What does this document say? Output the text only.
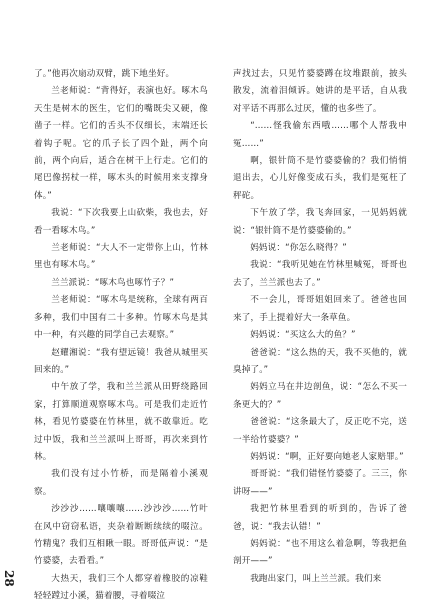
28

了。”他再次扇动双臂，跳下地坐好。

兰老师说：“背得好，表演也好。啄木鸟天生是树木的医生，它们的嘴既尖又硬，像凿子一样。它们的舌头不仅细长，末端还长着钩子呢。它的爪子长了四个趾，两个向前，两个向后，适合在树干上行走。它们的尾巴像拐杖一样，啄木头的时候用来支撑身体。”

我说：“下次我要上山砍柴，我也去，好看一看啄木鸟。”

兰老师说：“大人不一定带你上山，竹林里也有啄木鸟。”

兰兰派说：“啄木鸟也啄竹子？”

兰老师说：“啄木鸟是统称，全球有两百多种，我们中国有二十多种。竹啄木鸟是其中一种，有兴趣的同学自己去观察。”

赵耀湘说：“我有望远镜！我爸从城里买回来的。”

中午放了学，我和兰兰派从田野绕路回家，打算顺道观察啄木鸟。可是我们走近竹林，看见竹婆婆在竹林里，就不敢靠近。吃过中饭，我和兰兰派叫上哥哥，再次来到竹林。

我们没有过小竹桥，而是隔着小溪观察。

沙沙沙……嚷嚷嚷……沙沙沙……竹叶在风中窃窃私语，夹杂着断断续续的啜泣。竹精鬼？我们互相瞅一眼。哥哥低声说：“是竹婆婆，去看看。”

大热天，我们三个人都穿着橡胶的凉鞋轻轻蹚过小溪，猫着腰，寻着啜泣

声找过去，只见竹婆婆蹲在坟堆跟前，披头散发，流着泪倾诉。她讲的是平话，自从我对平话不再那么过厌，懂的也多些了。

“……怪我偷东西哦……哪个人帮我申冤……”

啊，银针筒不是竹婆婆偷的？我们悄悄退出去，心儿好像变成石头，我们是冤枉了秤砣。

下午放了学，我飞奔回家，一见妈妈就说：“银针筒不是竹婆婆偷的。”

妈妈说：“你怎么晓得？”

我说：“我听见她在竹林里喊冤，哥哥也去了，兰兰派也去了。”

不一会儿，哥哥姐姐回来了。爸爸也回来了，手上提着好大一条草鱼。

妈妈说：“买这么大的鱼？”

爸爸说：“这么热的天，我不买他的，就臭掉了。”

妈妈立马在井边剖鱼，说：“怎么不买一条更大的？”

爸爸说：“这条最大了，反正吃不完，送一半给竹婆婆？”

妈妈说：“啊，正好要向她老人家赔罪。”

哥哥说：“我们错怪竹婆婆了。三三，你讲呀——”

我把竹林里看到的听到的，告诉了爸爸，说：“我去认错！”

妈妈说：“也不用这么着急啊，等我把鱼剖开——”

我跑出家门，叫上兰兰派。我们来
